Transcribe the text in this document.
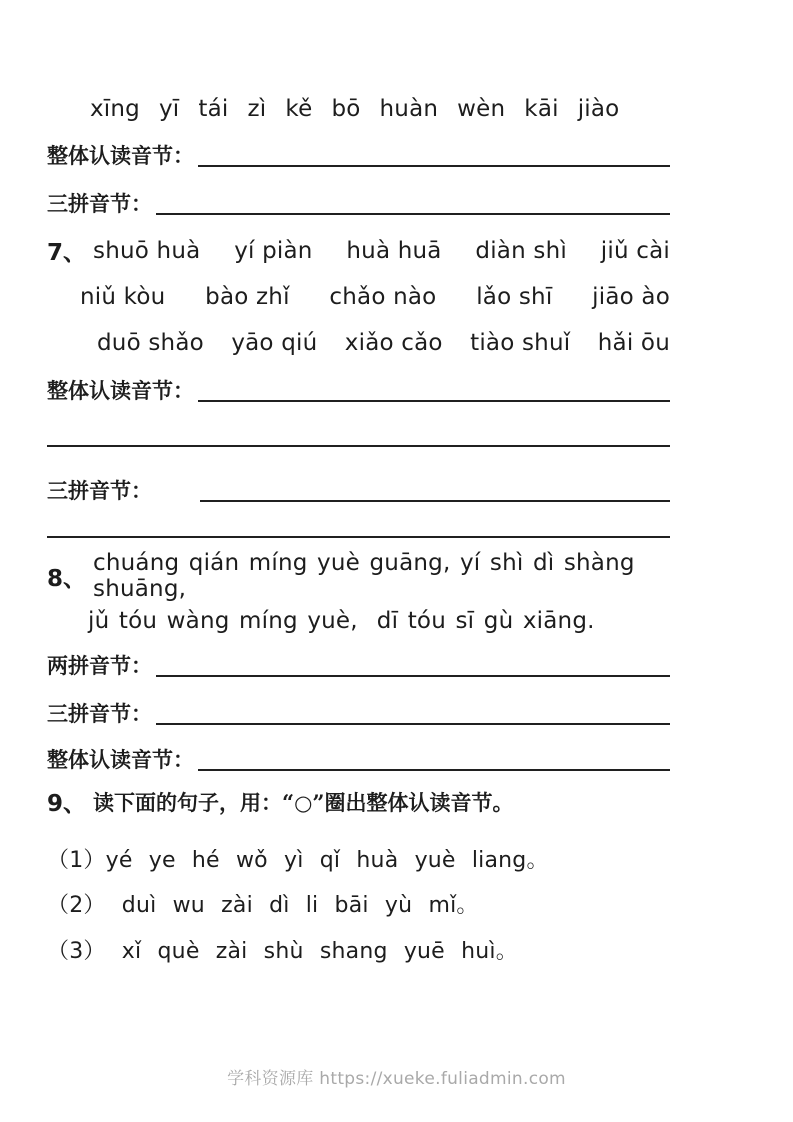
xīng yī tái zì kě bō huàn wèn kāi jiào
整体认读音节：
三拼音节：
7、 shuō huà yí piàn huà huā diàn shì jiǔ cài
niǔ kòu bào zhǐ chǎo nào lǎo shī jiāo ào
duō shǎo yāo qiú xiǎo cǎo tiào shuǐ hǎi ōu
整体认读音节：
三拼音节：
8、
chuáng qián míng yuè guāng, yí shì dì shàng shuāng,
jǔ tóu wàng míng yuè,  dī tóu sī gù xiāng.
两拼音节：
三拼音节：
整体认读音节：
9、 读下面的句子，用：“○”圈出整体认读音节。
（1）yé ye hé wǒ yì qǐ huà yuè liang。
（2） duì wu zài dì li bāi yù mǐ。
（3） xǐ què zài shù shang yuē huì。
学科资源库 https://xueke.fuliadmin.com
